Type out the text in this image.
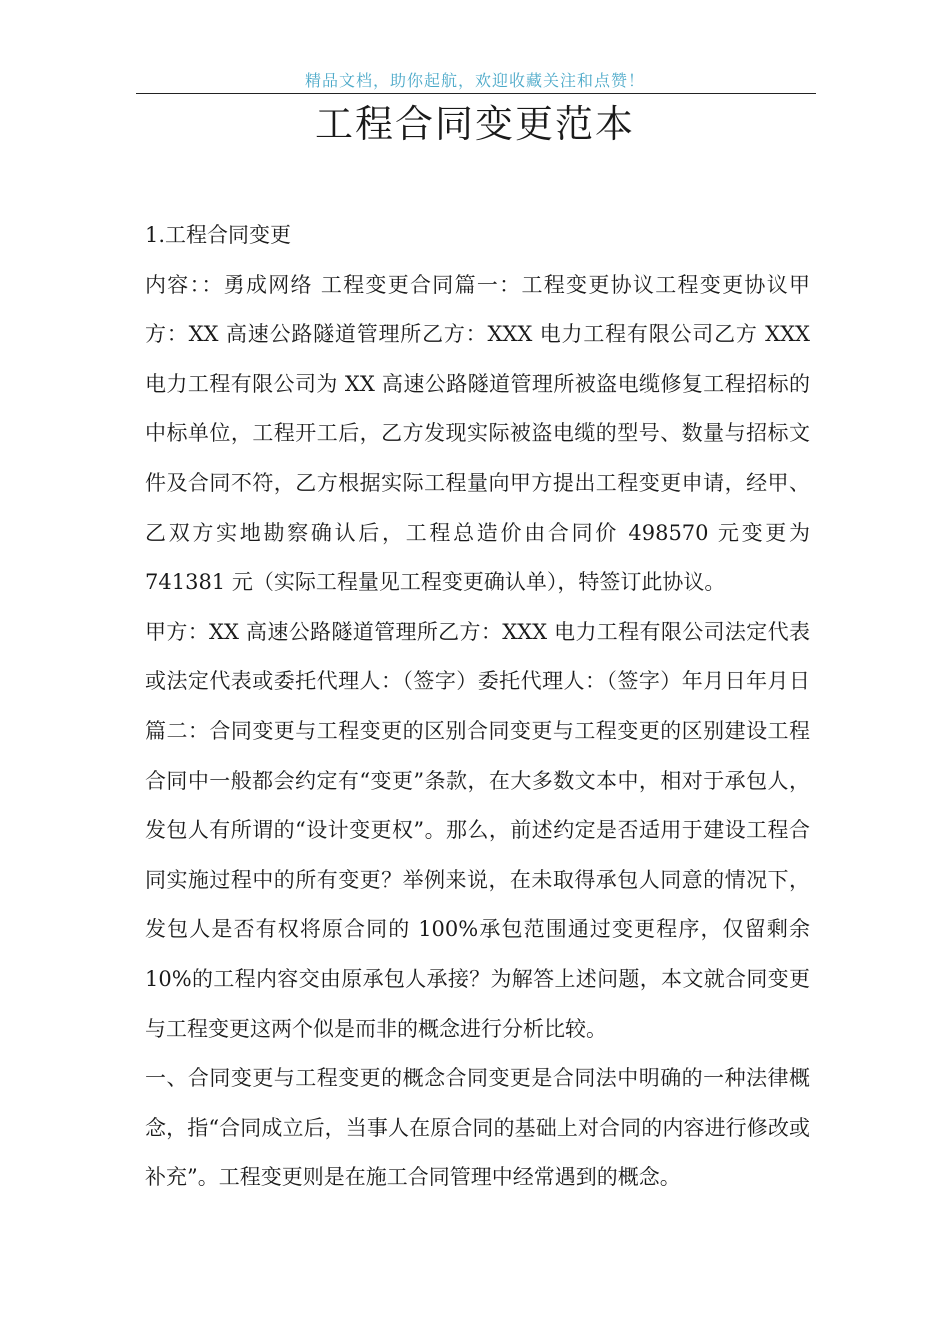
精品文档，助你起航，欢迎收藏关注和点赞！
工程合同变更范本

1.工程合同变更

内容：：勇成网络 工程变更合同篇一：工程变更协议工程变更协议甲方：XX 高速公路隧道管理所乙方：XXX 电力工程有限公司乙方 XXX 电力工程有限公司为 XX 高速公路隧道管理所被盗电缆修复工程招标的中标单位，工程开工后，乙方发现实际被盗电缆的型号、数量与招标文件及合同不符，乙方根据实际工程量向甲方提出工程变更申请，经甲、乙双方实地勘察确认后，工程总造价由合同价 498570 元变更为 741381 元（实际工程量见工程变更确认单），特签订此协议。

甲方：XX 高速公路隧道管理所乙方：XXX 电力工程有限公司法定代表或法定代表或委托代理人：（签字）委托代理人：（签字）年月日年月日篇二：合同变更与工程变更的区别合同变更与工程变更的区别建设工程合同中一般都会约定有“变更”条款，在大多数文本中，相对于承包人，发包人有所谓的“设计变更权”。那么，前述约定是否适用于建设工程合同实施过程中的所有变更？举例来说，在未取得承包人同意的情况下，发包人是否有权将原合同的 100%承包范围通过变更程序，仅留剩余 10%的工程内容交由原承包人承接？为解答上述问题，本文就合同变更与工程变更这两个似是而非的概念进行分析比较。

一、合同变更与工程变更的概念合同变更是合同法中明确的一种法律概念，指“合同成立后，当事人在原合同的基础上对合同的内容进行修改或补充”。工程变更则是在施工合同管理中经常遇到的概念。
